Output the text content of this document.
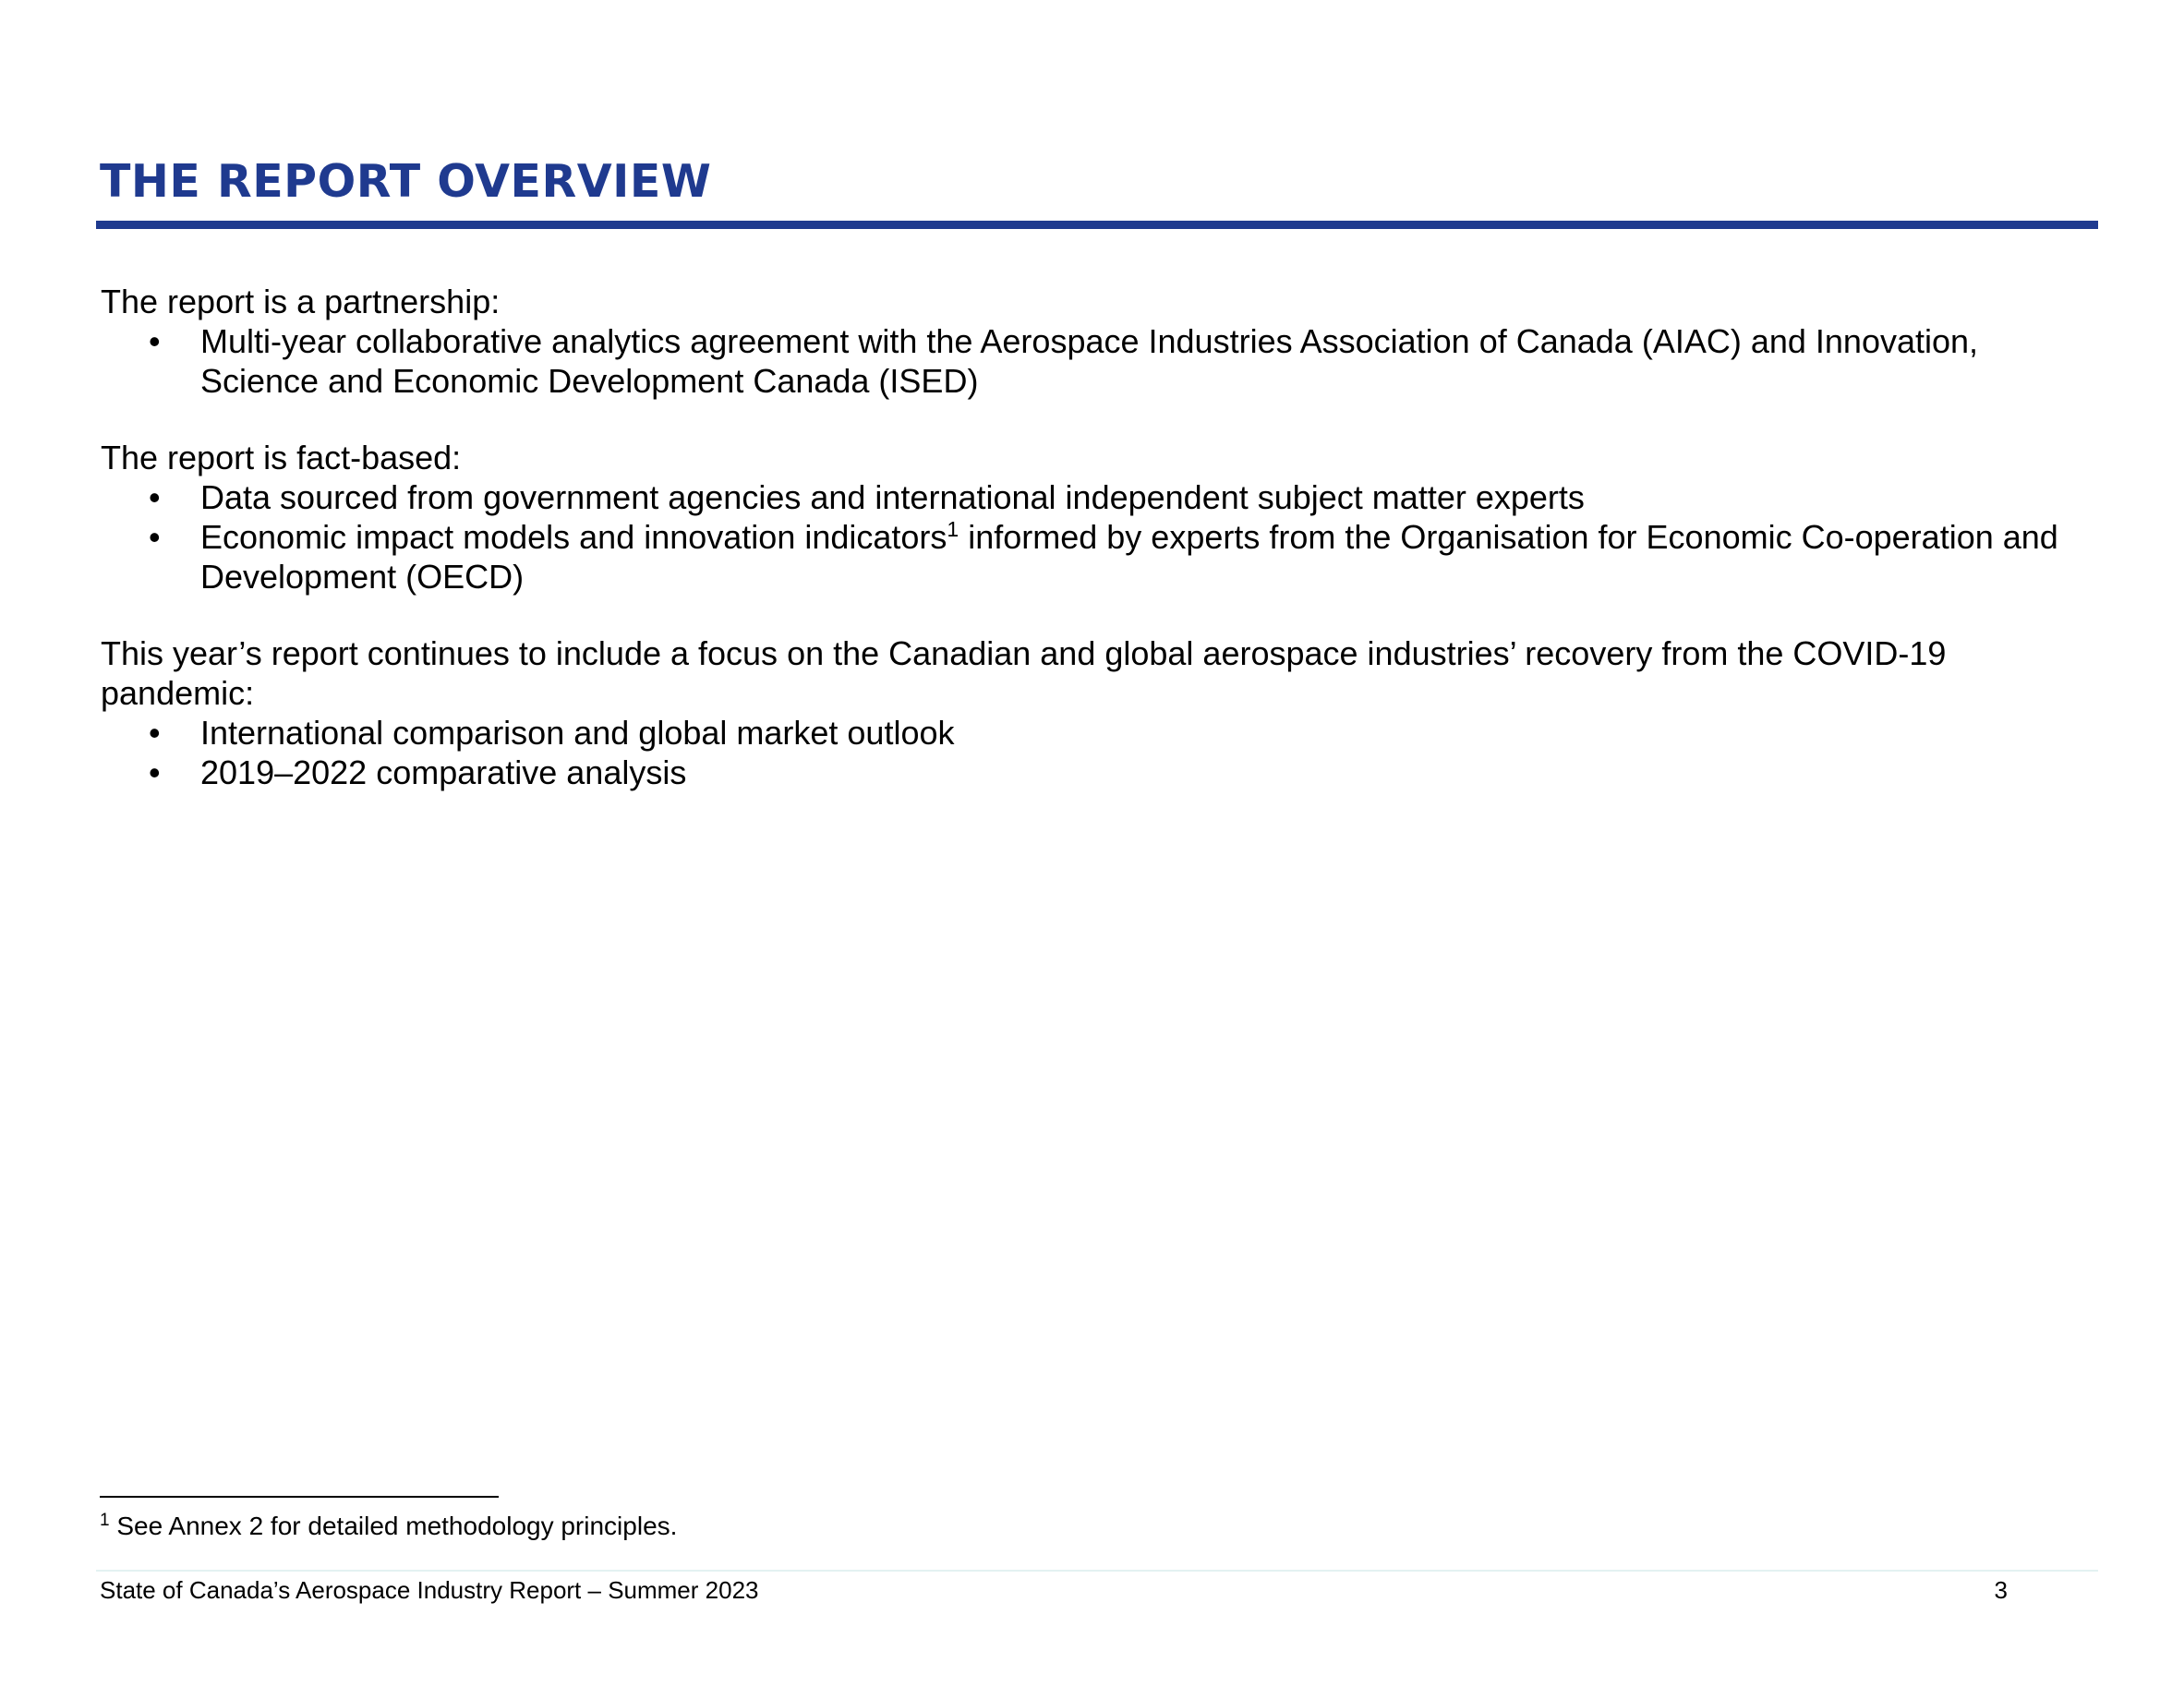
THE REPORT OVERVIEW

The report is a partnership:

• Multi-year collaborative analytics agreement with the Aerospace Industries Association of Canada (AIAC) and Innovation, Science and Economic Development Canada (ISED)

The report is fact-based:

• Data sourced from government agencies and international independent subject matter experts
• Economic impact models and innovation indicators$^1$ informed by experts from the Organisation for Economic Co-operation and Development (OECD)

This year’s report continues to include a focus on the Canadian and global aerospace industries’ recovery from the COVID-19 pandemic:

• International comparison and global market outlook
• 2019–2022 comparative analysis
$^1$ See Annex 2 for detailed methodology principles.
State of Canada’s Aerospace Industry Report – Summer 2023	3
